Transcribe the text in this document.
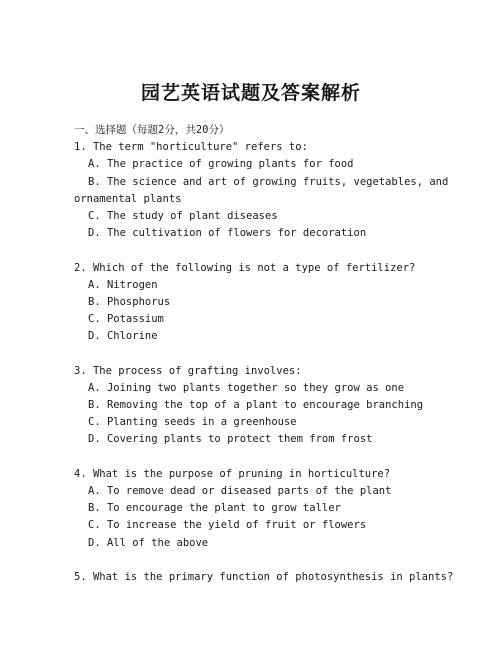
园艺英语试题及答案解析
一、选择题（每题2分，共20分）
1. The term "horticulture" refers to:
A. The practice of growing plants for food
B. The science and art of growing fruits, vegetables, and
ornamental plants
C. The study of plant diseases
D. The cultivation of flowers for decoration
2. Which of the following is not a type of fertilizer?
A. Nitrogen
B. Phosphorus
C. Potassium
D. Chlorine
3. The process of grafting involves:
A. Joining two plants together so they grow as one
B. Removing the top of a plant to encourage branching
C. Planting seeds in a greenhouse
D. Covering plants to protect them from frost
4. What is the purpose of pruning in horticulture?
A. To remove dead or diseased parts of the plant
B. To encourage the plant to grow taller
C. To increase the yield of fruit or flowers
D. All of the above
5. What is the primary function of photosynthesis in plants?
